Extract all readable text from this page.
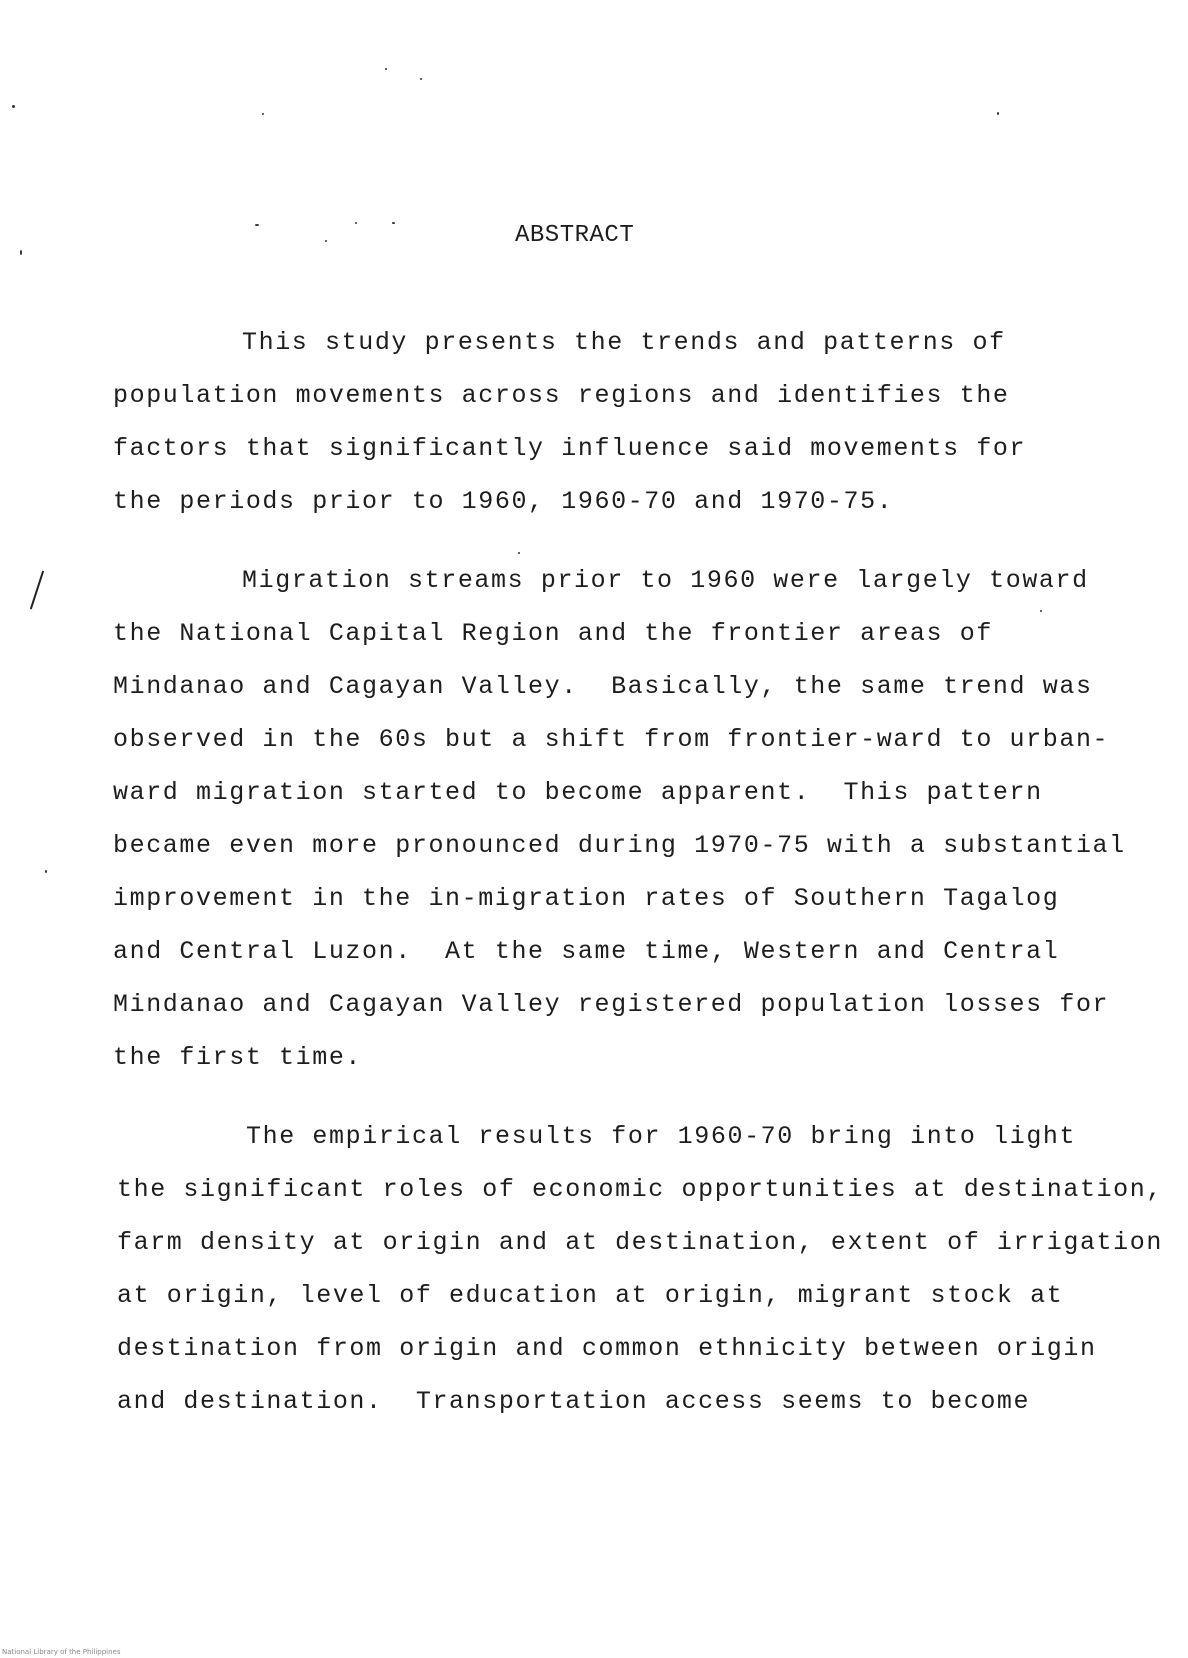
ABSTRACT
This study presents the trends and patterns of
population movements across regions and identifies the
factors that significantly influence said movements for
the periods prior to 1960, 1960-70 and 1970-75.
Migration streams prior to 1960 were largely toward
the National Capital Region and the frontier areas of
Mindanao and Cagayan Valley.  Basically, the same trend was
observed in the 60s but a shift from frontier-ward to urban-
ward migration started to become apparent.  This pattern
became even more pronounced during 1970-75 with a substantial
improvement in the in-migration rates of Southern Tagalog
and Central Luzon.  At the same time, Western and Central
Mindanao and Cagayan Valley registered population losses for
the first time.
The empirical results for 1960-70 bring into light
the significant roles of economic opportunities at destination,
farm density at origin and at destination, extent of irrigation
at origin, level of education at origin, migrant stock at
destination from origin and common ethnicity between origin
and destination.  Transportation access seems to become
National Library of the Philippines
